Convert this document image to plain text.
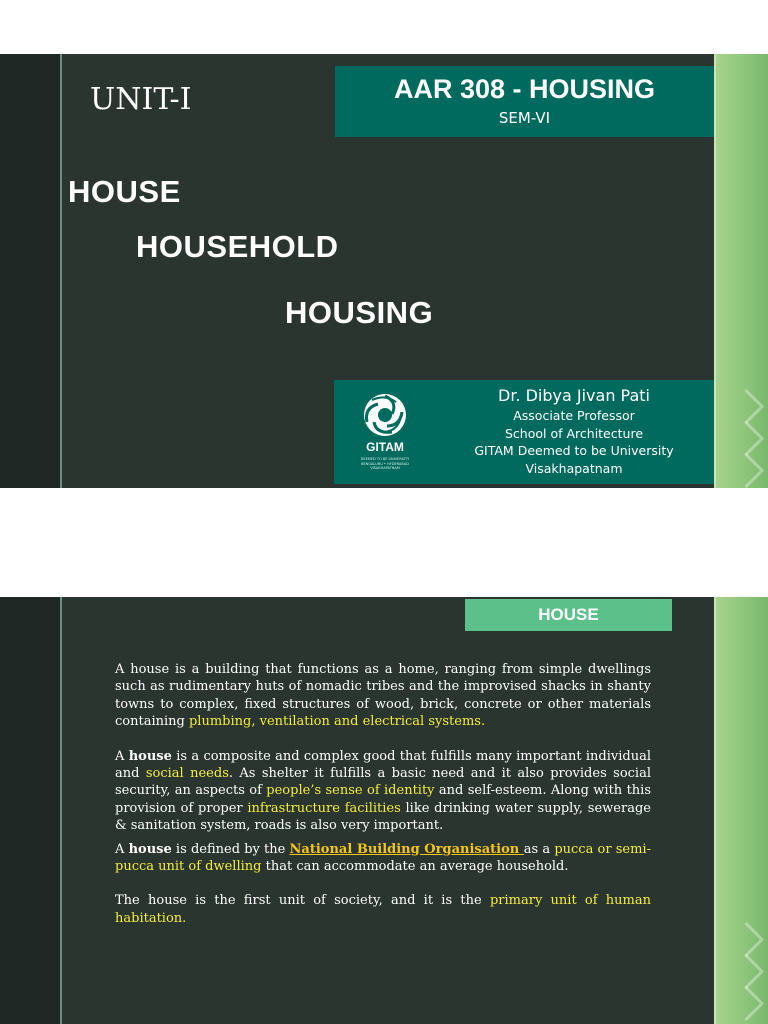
UNIT-I	AAR 308 - HOUSING
SEM-VI
HOUSE
HOUSEHOLD
HOUSING
GITAM
DEEMED TO BE UNIVERSITY
BENGALURU • HYDERABAD
VISAKHAPATNAM
Dr. Dibya Jivan Pati
Associate Professor
School of Architecture
GITAM Deemed to be University
Visakhapatnam
HOUSE

A house is a building that functions as a home, ranging from simple dwellings such as rudimentary huts of nomadic tribes and the improvised shacks in shanty towns to complex, fixed structures of wood, brick, concrete or other materials containing plumbing, ventilation and electrical systems.

A house is a composite and complex good that fulfills many important individual and social needs. As shelter it fulfills a basic need and it also provides social security, an aspects of people’s sense of identity and self-esteem. Along with this provision of proper infrastructure facilities like drinking water supply, sewerage & sanitation system, roads is also very important.

A house is defined by the National Building Organisation as a pucca or semi-pucca unit of dwelling that can accommodate an average household.

The house is the first unit of society, and it is the primary unit of human habitation.
